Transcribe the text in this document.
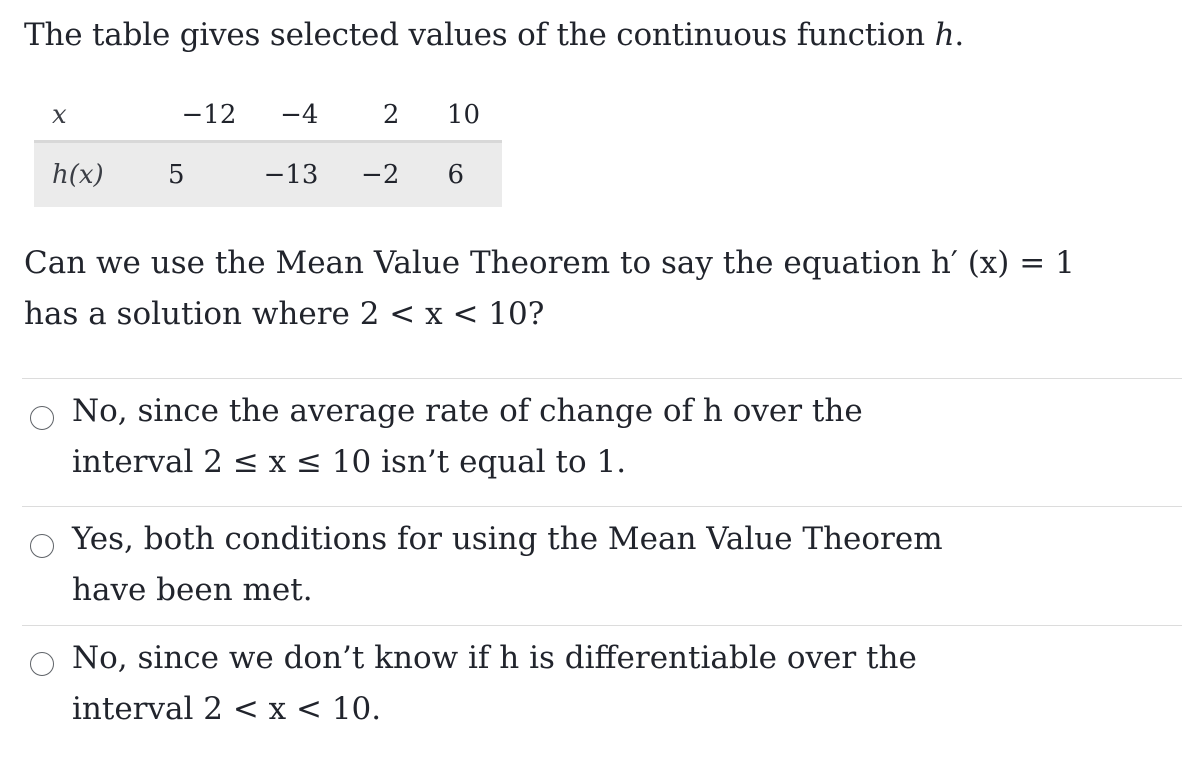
The table gives selected values of the continuous function h.
x	−12	−4	2	10
h(x)	5	−13	−2	6
Can we use the Mean Value Theorem to say the equation h′ (x) = 1
has a solution where 2 < x < 10?
No, since the average rate of change of h over the
interval 2 ≤ x ≤ 10 isn’t equal to 1.
Yes, both conditions for using the Mean Value Theorem
have been met.
No, since we don’t know if h is differentiable over the
interval 2 < x < 10.
